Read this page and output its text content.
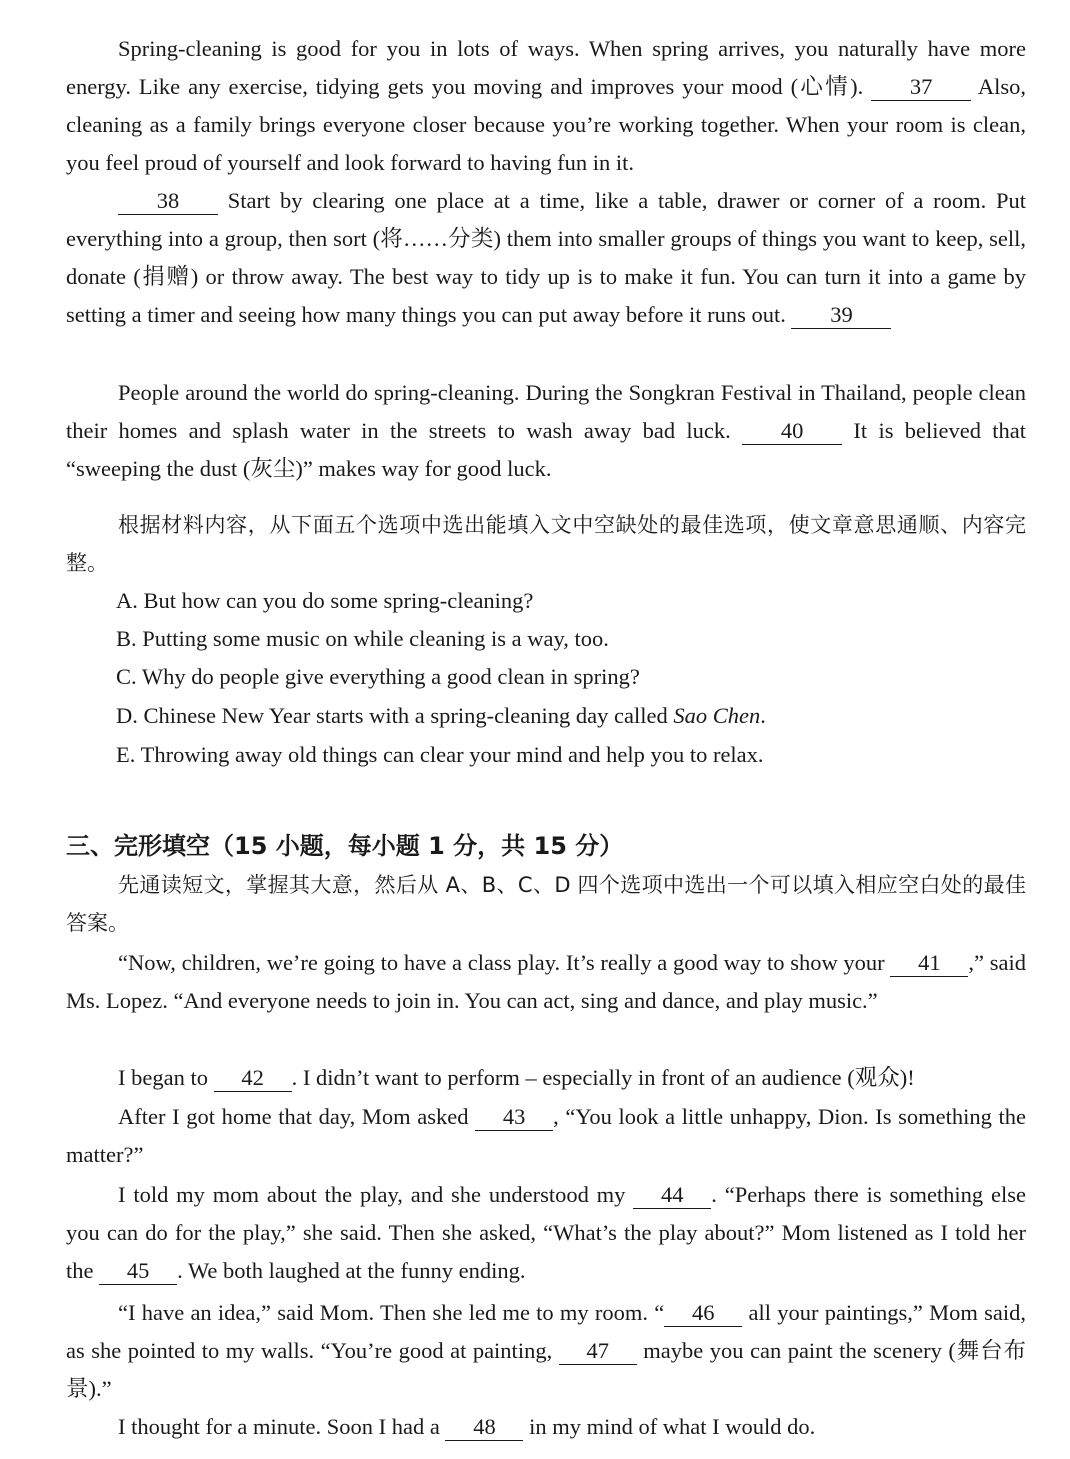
Spring-cleaning is good for you in lots of ways. When spring arrives, you naturally have more energy. Like any exercise, tidying gets you moving and improves your mood (心情). 37 Also, cleaning as a family brings everyone closer because you’re working together. When your room is clean, you feel proud of yourself and look forward to having fun in it.

38 Start by clearing one place at a time, like a table, drawer or corner of a room. Put everything into a group, then sort (将……分类) them into smaller groups of things you want to keep, sell, donate (捐赠) or throw away. The best way to tidy up is to make it fun. You can turn it into a game by setting a timer and seeing how many things you can put away before it runs out. 39

People around the world do spring-cleaning. During the Songkran Festival in Thailand, people clean their homes and splash water in the streets to wash away bad luck. 40 It is believed that “sweeping the dust (灰尘)” makes way for good luck.

根据材料内容，从下面五个选项中选出能填入文中空缺处的最佳选项，使文章意思通顺、内容完整。

A. But how can you do some spring-cleaning?

B. Putting some music on while cleaning is a way, too.

C. Why do people give everything a good clean in spring?

D. Chinese New Year starts with a spring-cleaning day called Sao Chen.

E. Throwing away old things can clear your mind and help you to relax.

三、完形填空（15 小题，每小题 1 分，共 15 分）

先通读短文，掌握其大意，然后从 A、B、C、D 四个选项中选出一个可以填入相应空白处的最佳答案。

“Now, children, we’re going to have a class play. It’s really a good way to show your 41 ,” said Ms. Lopez. “And everyone needs to join in. You can act, sing and dance, and play music.”

I began to 42 . I didn’t want to perform – especially in front of an audience (观众)!

After I got home that day, Mom asked 43 , “You look a little unhappy, Dion. Is something the matter?”

I told my mom about the play, and she understood my 44 . “Perhaps there is something else you can do for the play,” she said. Then she asked, “What’s the play about?” Mom listened as I told her the 45 . We both laughed at the funny ending.

“I have an idea,” said Mom. Then she led me to my room. “ 46 all your paintings,” Mom said, as she pointed to my walls. “You’re good at painting, 47 maybe you can paint the scenery (舞台布景).”

I thought for a minute. Soon I had a 48 in my mind of what I would do.
